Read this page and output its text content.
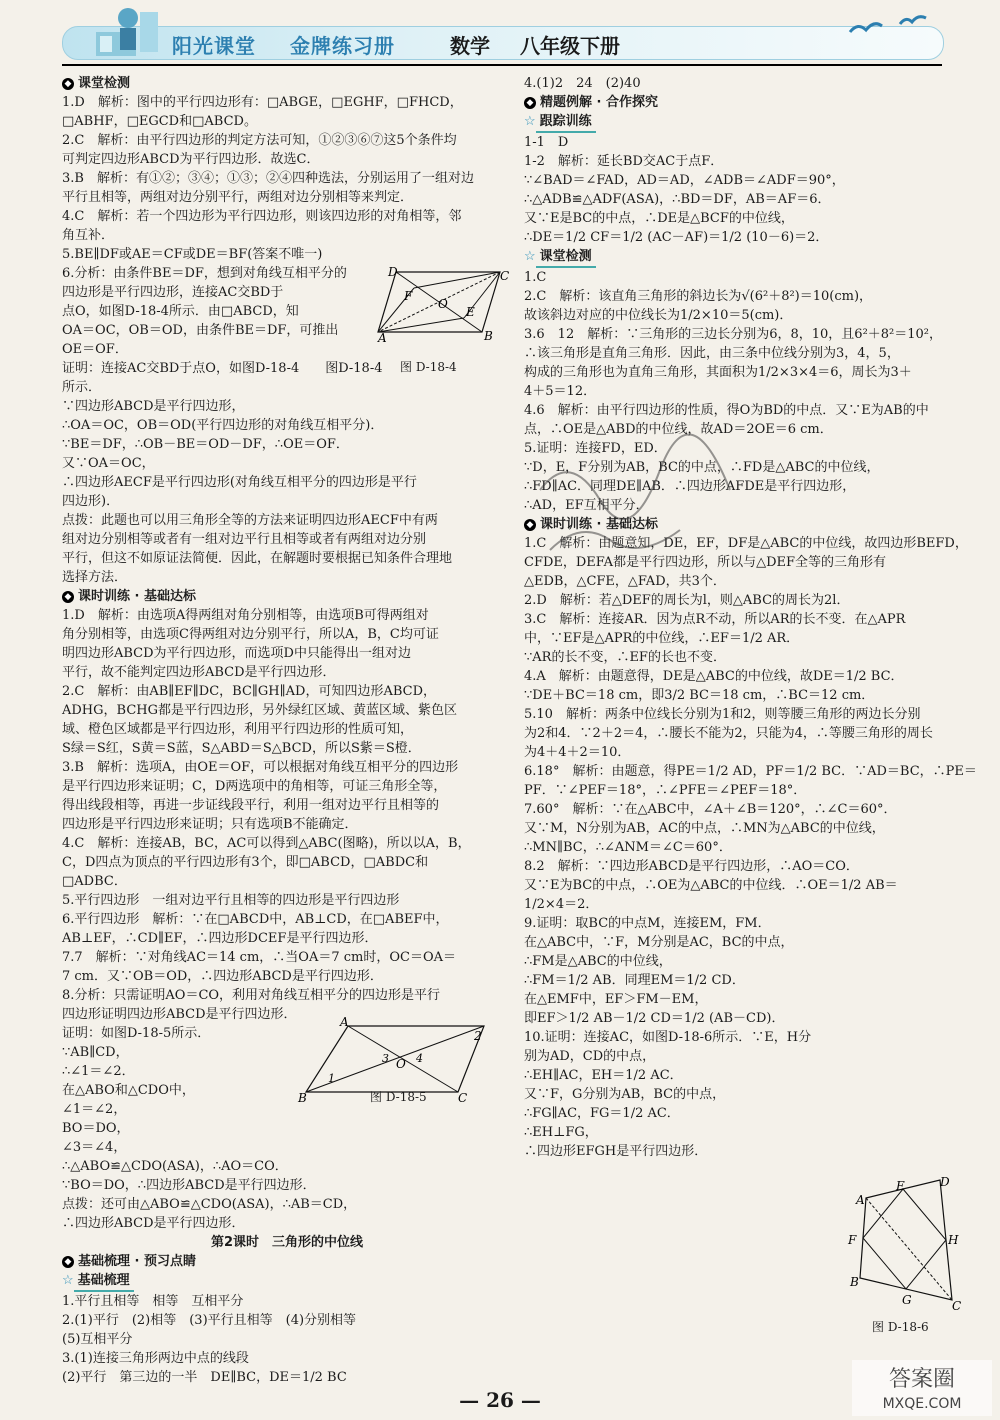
阳光课堂 金牌练习册	数学 八年级下册
◆ 课堂检测
1.D　解析：图中的平行四边形有：□ABGE，□EGHF，□FHCD，
□ABHF，□EGCD和□ABCD。
2.C　解析：由平行四边形的判定方法可知，①②③⑥⑦这5个条件均
可判定四边形ABCD为平行四边形．故选C．
3.B　解析：有①②；③④；①③；②④四种选法，分别运用了一组对边
平行且相等，两组对边分别平行，两组对边分别相等来判定．
4.C　解析：若一个四边形为平行四边形，则该四边形的对角相等，邻
角互补．
5.BE∥DF或AE＝CF或DE＝BF(答案不唯一)
6.分析：由条件BE＝DF，想到对角线互相平分的
四边形是平行四边形，连接AC交BD于
点O，如图D-18-4所示．由□ABCD，知
OA＝OC，OB＝OD，由条件BE＝DF，可推出
OE＝OF．
证明：连接AC交BD于点O，如图D-18-4　　图D-18-4
所示．
∵四边形ABCD是平行四边形，
∴OA＝OC，OB＝OD(平行四边形的对角线互相平分)．
∵BE＝DF，∴OB－BE＝OD－DF，∴OE＝OF．
又∵OA＝OC，
∴四边形AECF是平行四边形(对角线互相平分的四边形是平行
四边形)．
点拨：此题也可以用三角形全等的方法来证明四边形AECF中有两
组对边分别相等或者有一组对边平行且相等或者有两组对边分别
平行，但这不如原证法简便．因此，在解题时要根据已知条件合理地
选择方法．
◆ 课时训练 · 基础达标
1.D　解析：由选项A得两组对角分别相等，由选项B可得两组对
角分别相等，由选项C得两组对边分别平行，所以A，B，C均可证
明四边形ABCD为平行四边形，而选项D中只能得出一组对边
平行，故不能判定四边形ABCD是平行四边形．
2.C　解析：由AB∥EF∥DC，BC∥GH∥AD，可知四边形ABCD，
ADHG，BCHG都是平行四边形，另外绿红区域、黄蓝区域、紫色区
域、橙色区域都是平行四边形，利用平行四边形的性质可知，
S绿＝S红，S黄＝S蓝，S△ABD＝S△BCD，所以S紫＝S橙．
3.B　解析：选项A，由OE＝OF，可以根据对角线互相平分的四边形
是平行四边形来证明；C，D两选项中的角相等，可证三角形全等，
得出线段相等，再进一步证线段平行，利用一组对边平行且相等的
四边形是平行四边形来证明；只有选项B不能确定．
4.C　解析：连接AB，BC，AC可以得到△ABC(图略)，所以以A，B，
C，D四点为顶点的平行四边形有3个，即□ABCD，□ABDC和
□ADBC．
5.平行四边形　一组对边平行且相等的四边形是平行四边形
6.平行四边形　解析：∵在□ABCD中，AB⊥CD，在□ABEF中，
AB⊥EF，∴CD∥EF，∴四边形DCEF是平行四边形．
7.7　解析：∵对角线AC＝14 cm，∴当OA＝7 cm时，OC＝OA＝
7 cm．又∵OB＝OD，∴四边形ABCD是平行四边形．
8.分析：只需证明AO＝CO，利用对角线互相平分的四边形是平行
四边形证明四边形ABCD是平行四边形．
证明：如图D-18-5所示．
∵AB∥CD，
∴∠1＝∠2．
在△ABO和△CDO中，
∠1＝∠2，
BO＝DO，
∠3＝∠4，
∴△ABO≌△CDO(ASA)，∴AO＝CO．
∵BO＝DO，∴四边形ABCD是平行四边形．
点拨：还可由△ABO≌△CDO(ASA)，∴AB＝CD，
∴四边形ABCD是平行四边形．
第2课时　三角形的中位线
◆ 基础梳理 · 预习点睛
☆ 基础梳理
1.平行且相等　相等　互相平分
2.(1)平行　(2)相等　(3)平行且相等　(4)分别相等
(5)互相平分
3.(1)连接三角形两边中点的线段
(2)平行　第三边的一半　DE∥BC，DE＝1/2 BC
4.(1)2　24　(2)40
◆ 精题例解 · 合作探究
☆ 跟踪训练
1-1　D
1-2　解析：延长BD交AC于点F．
∵∠BAD＝∠FAD，AD＝AD，∠ADB＝∠ADF＝90°，
∴△ADB≌△ADF(ASA)，∴BD＝DF，AB＝AF＝6．
又∵E是BC的中点，∴DE是△BCF的中位线，
∴DE＝1/2 CF＝1/2 (AC－AF)＝1/2 (10－6)＝2．
☆ 课堂检测
1.C
2.C　解析：该直角三角形的斜边长为√(6²＋8²)＝10(cm)，
故该斜边对应的中位线长为1/2×10＝5(cm)．
3.6　12　解析：∵三角形的三边长分别为6，8，10，且6²＋8²＝10²，
∴该三角形是直角三角形．因此，由三条中位线分别为3，4，5，
构成的三角形也为直角三角形，其面积为1/2×3×4＝6，周长为3＋
4＋5＝12．
4.6　解析：由平行四边形的性质，得O为BD的中点．又∵E为AB的中
点，∴OE是△ABD的中位线，故AD＝2OE＝6 cm．
5.证明：连接FD，ED．
∵D，E，F分别为AB，BC的中点，∴FD是△ABC的中位线，
∴FD∥AC．同理DE∥AB．∴四边形AFDE是平行四边形，
∴AD，EF互相平分．
◆ 课时训练 · 基础达标
1.C　解析：由题意知，DE，EF，DF是△ABC的中位线，故四边形BEFD，
CFDE，DEFA都是平行四边形，所以与△DEF全等的三角形有
△EDB，△CFE，△FAD，共3个．
2.D　解析：若△DEF的周长为l，则△ABC的周长为2l．
3.C　解析：连接AR．因为点R不动，所以AR的长不变．在△APR
中，∵EF是△APR的中位线，∴EF＝1/2 AR．
∵AR的长不变，∴EF的长也不变．
4.A　解析：由题意得，DE是△ABC的中位线，故DE＝1/2 BC．
∵DE＋BC＝18 cm，即3/2 BC＝18 cm，∴BC＝12 cm．
5.10　解析：两条中位线长分别为1和2，则等腰三角形的两边长分别
为2和4．∵2＋2＝4，∴腰长不能为2，只能为4，∴等腰三角形的周长
为4＋4＋2＝10．
6.18°　解析：由题意，得PE＝1/2 AD，PF＝1/2 BC．∵AD＝BC，∴PE＝
PF．∵∠PEF＝18°，∴∠PFE＝∠PEF＝18°．
7.60°　解析：∵在△ABC中，∠A＋∠B＝120°，∴∠C＝60°．
又∵M，N分别为AB，AC的中点，∴MN为△ABC的中位线，
∴MN∥BC，∴∠ANM＝∠C＝60°．
8.2　解析：∵四边形ABCD是平行四边形，∴AO＝CO．
又∵E为BC的中点，∴OE为△ABC的中位线．∴OE＝1/2 AB＝
1/2×4＝2．
9.证明：取BC的中点M，连接EM，FM．
在△ABC中，∵F，M分别是AC，BC的中点，
∴FM是△ABC的中位线，
∴FM＝1/2 AB．同理EM＝1/2 CD．
在△EMF中，EF＞FM－EM，
即EF＞1/2 AB－1/2 CD＝1/2 (AB－CD)．
10.证明：连接AC，如图D-18-6所示．∵E，H分
别为AD，CD的中点，
∴EH∥AC，EH＝1/2 AC．
又∵F，G分别为AB，BC的中点，
∴FG∥AC，FG＝1/2 AC．
∴EH⊥FG，
∴四边形EFGH是平行四边形．
D	C
F
O
E
A	B
图 D-18-4
A
2
3 O 4
1
B	C
图 D-18-5
A
E	D
F	H
B
G	C
图 D-18-6
— 26 —
答案圈
MXQE.COM
